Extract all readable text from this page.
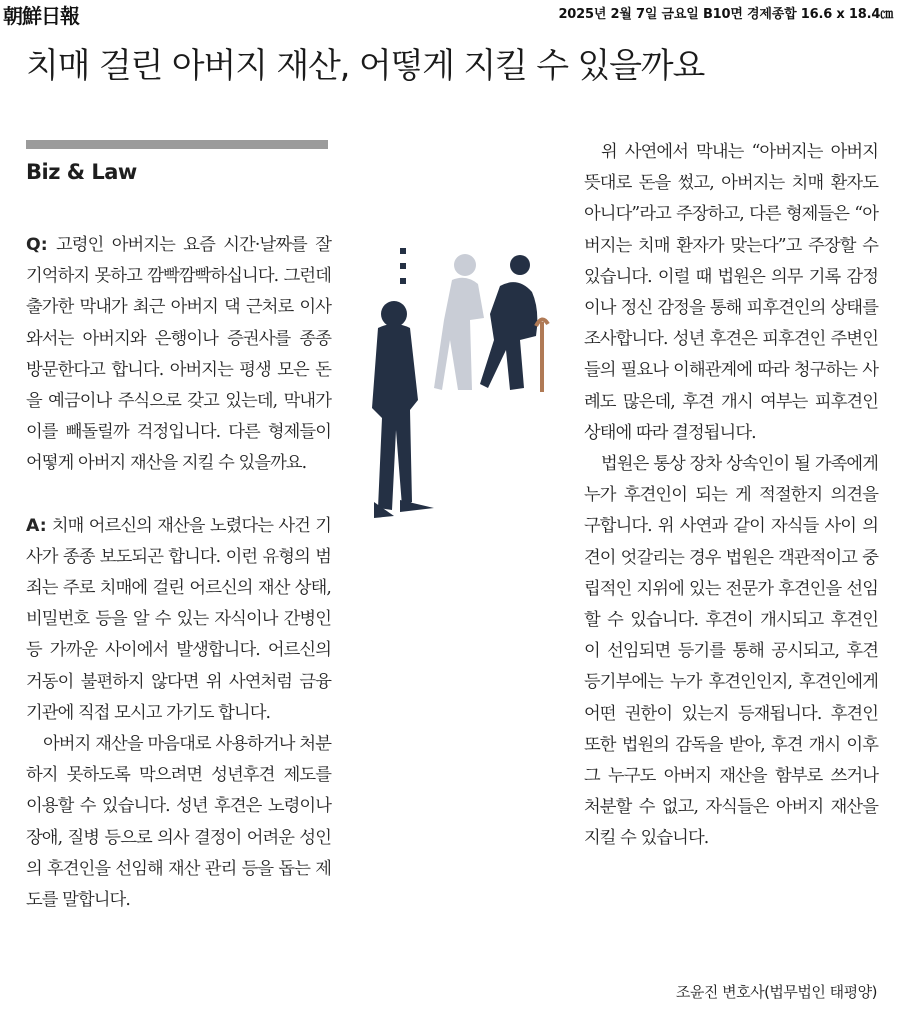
朝鮮日報	2025년 2월 7일 금요일 B10면 경제종합 16.6 x 18.4㎝
치매 걸린 아버지 재산, 어떻게 지킬 수 있을까요
Biz & Law

Q: 고령인 아버지는 요즘 시간·날짜를 잘 기억하지 못하고 깜빡깜빡하십니다. 그런데 출가한 막내가 최근 아버지 댁 근처로 이사 와서는 아버지와 은행이나 증권사를 종종 방문한다고 합니다. 아버지는 평생 모은 돈을 예금이나 주식으로 갖고 있는데, 막내가 이를 빼돌릴까 걱정입니다. 다른 형제들이 어떻게 아버지 재산을 지킬 수 있을까요.

A: 치매 어르신의 재산을 노렸다는 사건 기사가 종종 보도되곤 합니다. 이런 유형의 범죄는 주로 치매에 걸린 어르신의 재산 상태, 비밀번호 등을 알 수 있는 자식이나 간병인 등 가까운 사이에서 발생합니다. 어르신의 거동이 불편하지 않다면 위 사연처럼 금융기관에 직접 모시고 가기도 합니다.

아버지 재산을 마음대로 사용하거나 처분하지 못하도록 막으려면 성년후견 제도를 이용할 수 있습니다. 성년 후견은 노령이나 장애, 질병 등으로 의사 결정이 어려운 성인의 후견인을 선임해 재산 관리 등을 돕는 제도를 말합니다.

위 사연에서 막내는 “아버지는 아버지 뜻대로 돈을 썼고, 아버지는 치매 환자도 아니다”라고 주장하고, 다른 형제들은 “아버지는 치매 환자가 맞는다”고 주장할 수 있습니다. 이럴 때 법원은 의무 기록 감정이나 정신 감정을 통해 피후견인의 상태를 조사합니다. 성년 후견은 피후견인 주변인들의 필요나 이해관계에 따라 청구하는 사례도 많은데, 후견 개시 여부는 피후견인 상태에 따라 결정됩니다.

법원은 통상 장차 상속인이 될 가족에게 누가 후견인이 되는 게 적절한지 의견을 구합니다. 위 사연과 같이 자식들 사이 의견이 엇갈리는 경우 법원은 객관적이고 중립적인 지위에 있는 전문가 후견인을 선임할 수 있습니다. 후견이 개시되고 후견인이 선임되면 등기를 통해 공시되고, 후견 등기부에는 누가 후견인인지, 후견인에게 어떤 권한이 있는지 등재됩니다. 후견인 또한 법원의 감독을 받아, 후견 개시 이후 그 누구도 아버지 재산을 함부로 쓰거나 처분할 수 없고, 자식들은 아버지 재산을 지킬 수 있습니다.

조윤진 변호사(법무법인 태평양)
